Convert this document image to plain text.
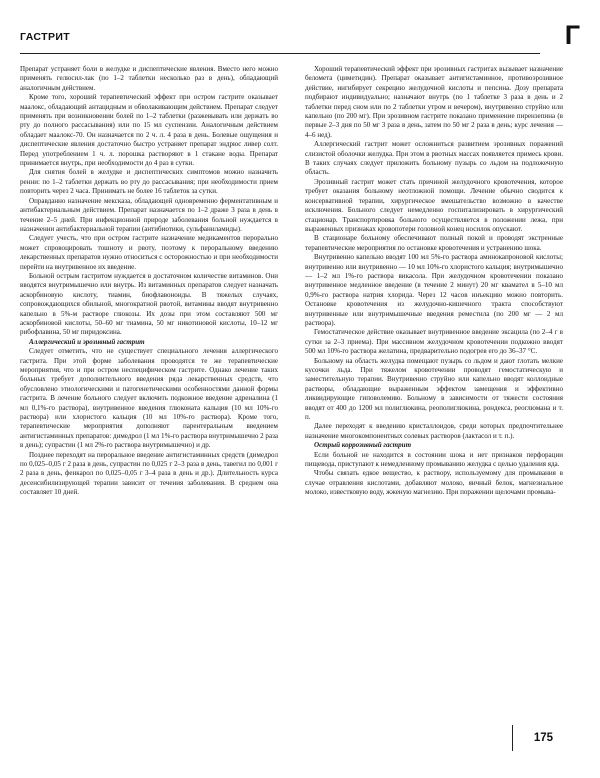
ГАСТРИТ	Г

Препарат устраняет боли в желудке и диспептические явления. Вместо него можно применять гелюсил-лак (по 1–2 таблетки несколько раз в день), обладающий аналогичным действием.

Кроме того, хороший терапевтический эффект при остром гастрите оказывает маалокс, обладающий антацидным и обволакивающим действием. Препарат следует применять при возникновении болей по 1–2 таблетки (разжевывать или держать во рту до полного рассасывания) или по 15 мл суспензии. Аналогичным действием обладает маалокс-70. Он назначается по 2 ч. л. 4 раза в день. Болевые ощущения и диспептические явления достаточно быстро устраняет препарат эндрюс ливер солт. Перед употреблением 1 ч. л. порошка растворяют в 1 стакане воды. Препарат принимается внутрь, при необходимости до 4 раз в сутки.

Для снятия болей в желудке и диспептических симптомов можно назначить ренни: по 1–2 таблетки держать во рту до рассасывания; при необходимости прием повторить через 2 часа. Принимать не более 16 таблеток за сутки.

Оправданно назначение мексказа, обладающей одновременно ферментативным и антибактериальным действием. Препарат назначается по 1–2 драже 3 раза в день в течение 2–5 дней. При инфекционной природе заболевания больной нуждается в назначении антибактериальной терапии (антибиотики, сульфаниламиды).

Следует учесть, что при остром гастрите назначение медикаментов перорально может спровоцировать тошноту и рвоту, поэтому к пероральному введению лекарственных препаратов нужно относиться с осторожностью и при необходимости перейти на внутривенное их введение.

Больной острым гастритом нуждается в достаточном количестве витаминов. Они вводятся внутримышечно или внутрь. Из витаминных препаратов следует назначать аскорбиновую кислоту, тиамин, биофлавоноиды. В тяжелых случаях, сопровождающихся обильной, многократной рвотой, витамины вводят внутривенно капельно в 5%-м растворе глюкозы. Их дозы при этом составляют 500 мг аскорбиновой кислоты, 50–60 мг тиамина, 50 мг никотиновой кислоты, 10–12 мг рибофлавина, 50 мг пиридоксина.

Аллергический и эрозивный гастрит

Следует отметить, что не существует специального лечения аллергического гастрита. При этой форме заболевания проводятся те же терапевтические мероприятия, что и при остром неспецифическом гастрите. Однако лечение таких больных требует дополнительного введения ряда лекарственных средств, что обусловлено этиологическими и патогенетическими особенностями данной формы гастрита. В лечение больного следует включить подкожное введение адреналина (1 мл 0,1%-го раствора), внутривенное введения глюконата кальция (10 мл 10%-го раствора) или хлористого кальция (10 мл 10%-го раствора). Кроме того, терапевтические мероприятия дополняют парентеральным введением антигистаминных препаратов: димедрол (1 мл 1%-го раствора внутримышечно 2 раза в день); супрастин (1 мл 2%-го раствора внутримышечно) и др.

Позднее переходят на пероральное введение антигистаминных средств (димедрол по 0,025–0,05 г 2 раза в день, супрастин по 0,025 г 2–3 раза в день, тавегил по 0,001 г 2 раза в день, фенкарол по 0,025–0,05 г 3–4 раза в день и др.). Длительность курса десенсибилизирующей терапии зависит от течения заболевания. В среднем она составляет 10 дней.

Хороший терапевтический эффект при эрозивных гастритах вызывает назначение беломета (циметидин). Препарат оказывает антигистаминное, противоэрозивное действие, ингибирует секрецию желудочной кислоты и пепсина. Дозу препарата подбирают индивидуально; назначают внутрь (по 1 таблетке 3 раза в день и 2 таблетки перед сном или по 2 таблетки утром и вечером), внутривенно струйно или капельно (по 200 мг). При эрозивном гастрите показано применение пирензепина (в первые 2–3 дня по 50 мг 3 раза в день, затем по 50 мг 2 раза в день; курс лечения — 4–6 нед).

Аллергический гастрит может осложниться развитием эрозивных поражений слизистой оболочки желудка. При этом в рвотных массах появляется примесь крови. В таких случаях следует приложить больному пузырь со льдом на подложечную область.

Эрозивный гастрит может стать причиной желудочного кровотечения, которое требует оказания больному неотложной помощи. Лечение обычно сводится к консервативной терапии, хирургическое вмешательство возможно в качестве исключения. Больного следует немедленно госпитализировать в хирургический стационар. Транспортировка больного осуществляется в положении лежа, при выраженных признаках кровопотери головной конец носилок опускают.

В стационаре больному обеспечивают полный покой и проводят экстренные терапевтические мероприятия по остановке кровотечения и устранению шока.

Внутривенно капельно вводят 100 мл 5%-го раствора аминокапроновой кислоты; внутривенно или внутривенно — 10 мл 10%-го хлористого кальция; внутримышечно — 1–2 мл 1%-го раствора викасола. При желудочном кровотечении показано внутривенное медленное введение (в течение 2 минут) 20 мг квамател в 5–10 мл 0,9%-го раствора натрия хлорида. Через 12 часов инъекцию можно повторить. Остановке кровотечения из желудочно-кишечного тракта способствуют внутривенные или внутримышечные введения реместила (по 200 мг — 2 мл раствора).

Гемостатическое действие оказывает внутривенное введение эксацила (по 2–4 г в сутки за 2–3 приема). При массивном желудочном кровотечении подкожно вводят 500 мл 10%-го раствора желатина, предварительно подогрев его до 36–37 °С.

Больному на область желудка помещают пузырь со льдом и дают глотать мелкие кусочки льда. При тяжелом кровотечении проводят гемостатическую и заместительную терапии. Внутривенно струйно или капельно вводят коллоидные растворы, обладающие выраженным эффектом замещения и эффективно ликвидирующие гиповолемию. Больному в зависимости от тяжести состояния вводят от 400 до 1200 мл полиглюкина, реополиглюкина, рондекса, реоглюмана и т. п.

Далее переходят к введению кристаллоидов, среди которых предпочтительнее назначение многокомпонентных солевых растворов (лактасол и т. п.).

Острый коррозивный гастрит

Если больной не находится в состоянии шока и нет признаков перфорации пищевода, приступают к немедленному промыванию желудка с целью удаления яда.

Чтобы связать едкое вещество, к раствору, используемому для промывания в случае отравления кислотами, добавляют молоко, яичный белок, магнезиальное молоко, известковую воду, жженую магнезию. При поражении щелочами промыва-

175
